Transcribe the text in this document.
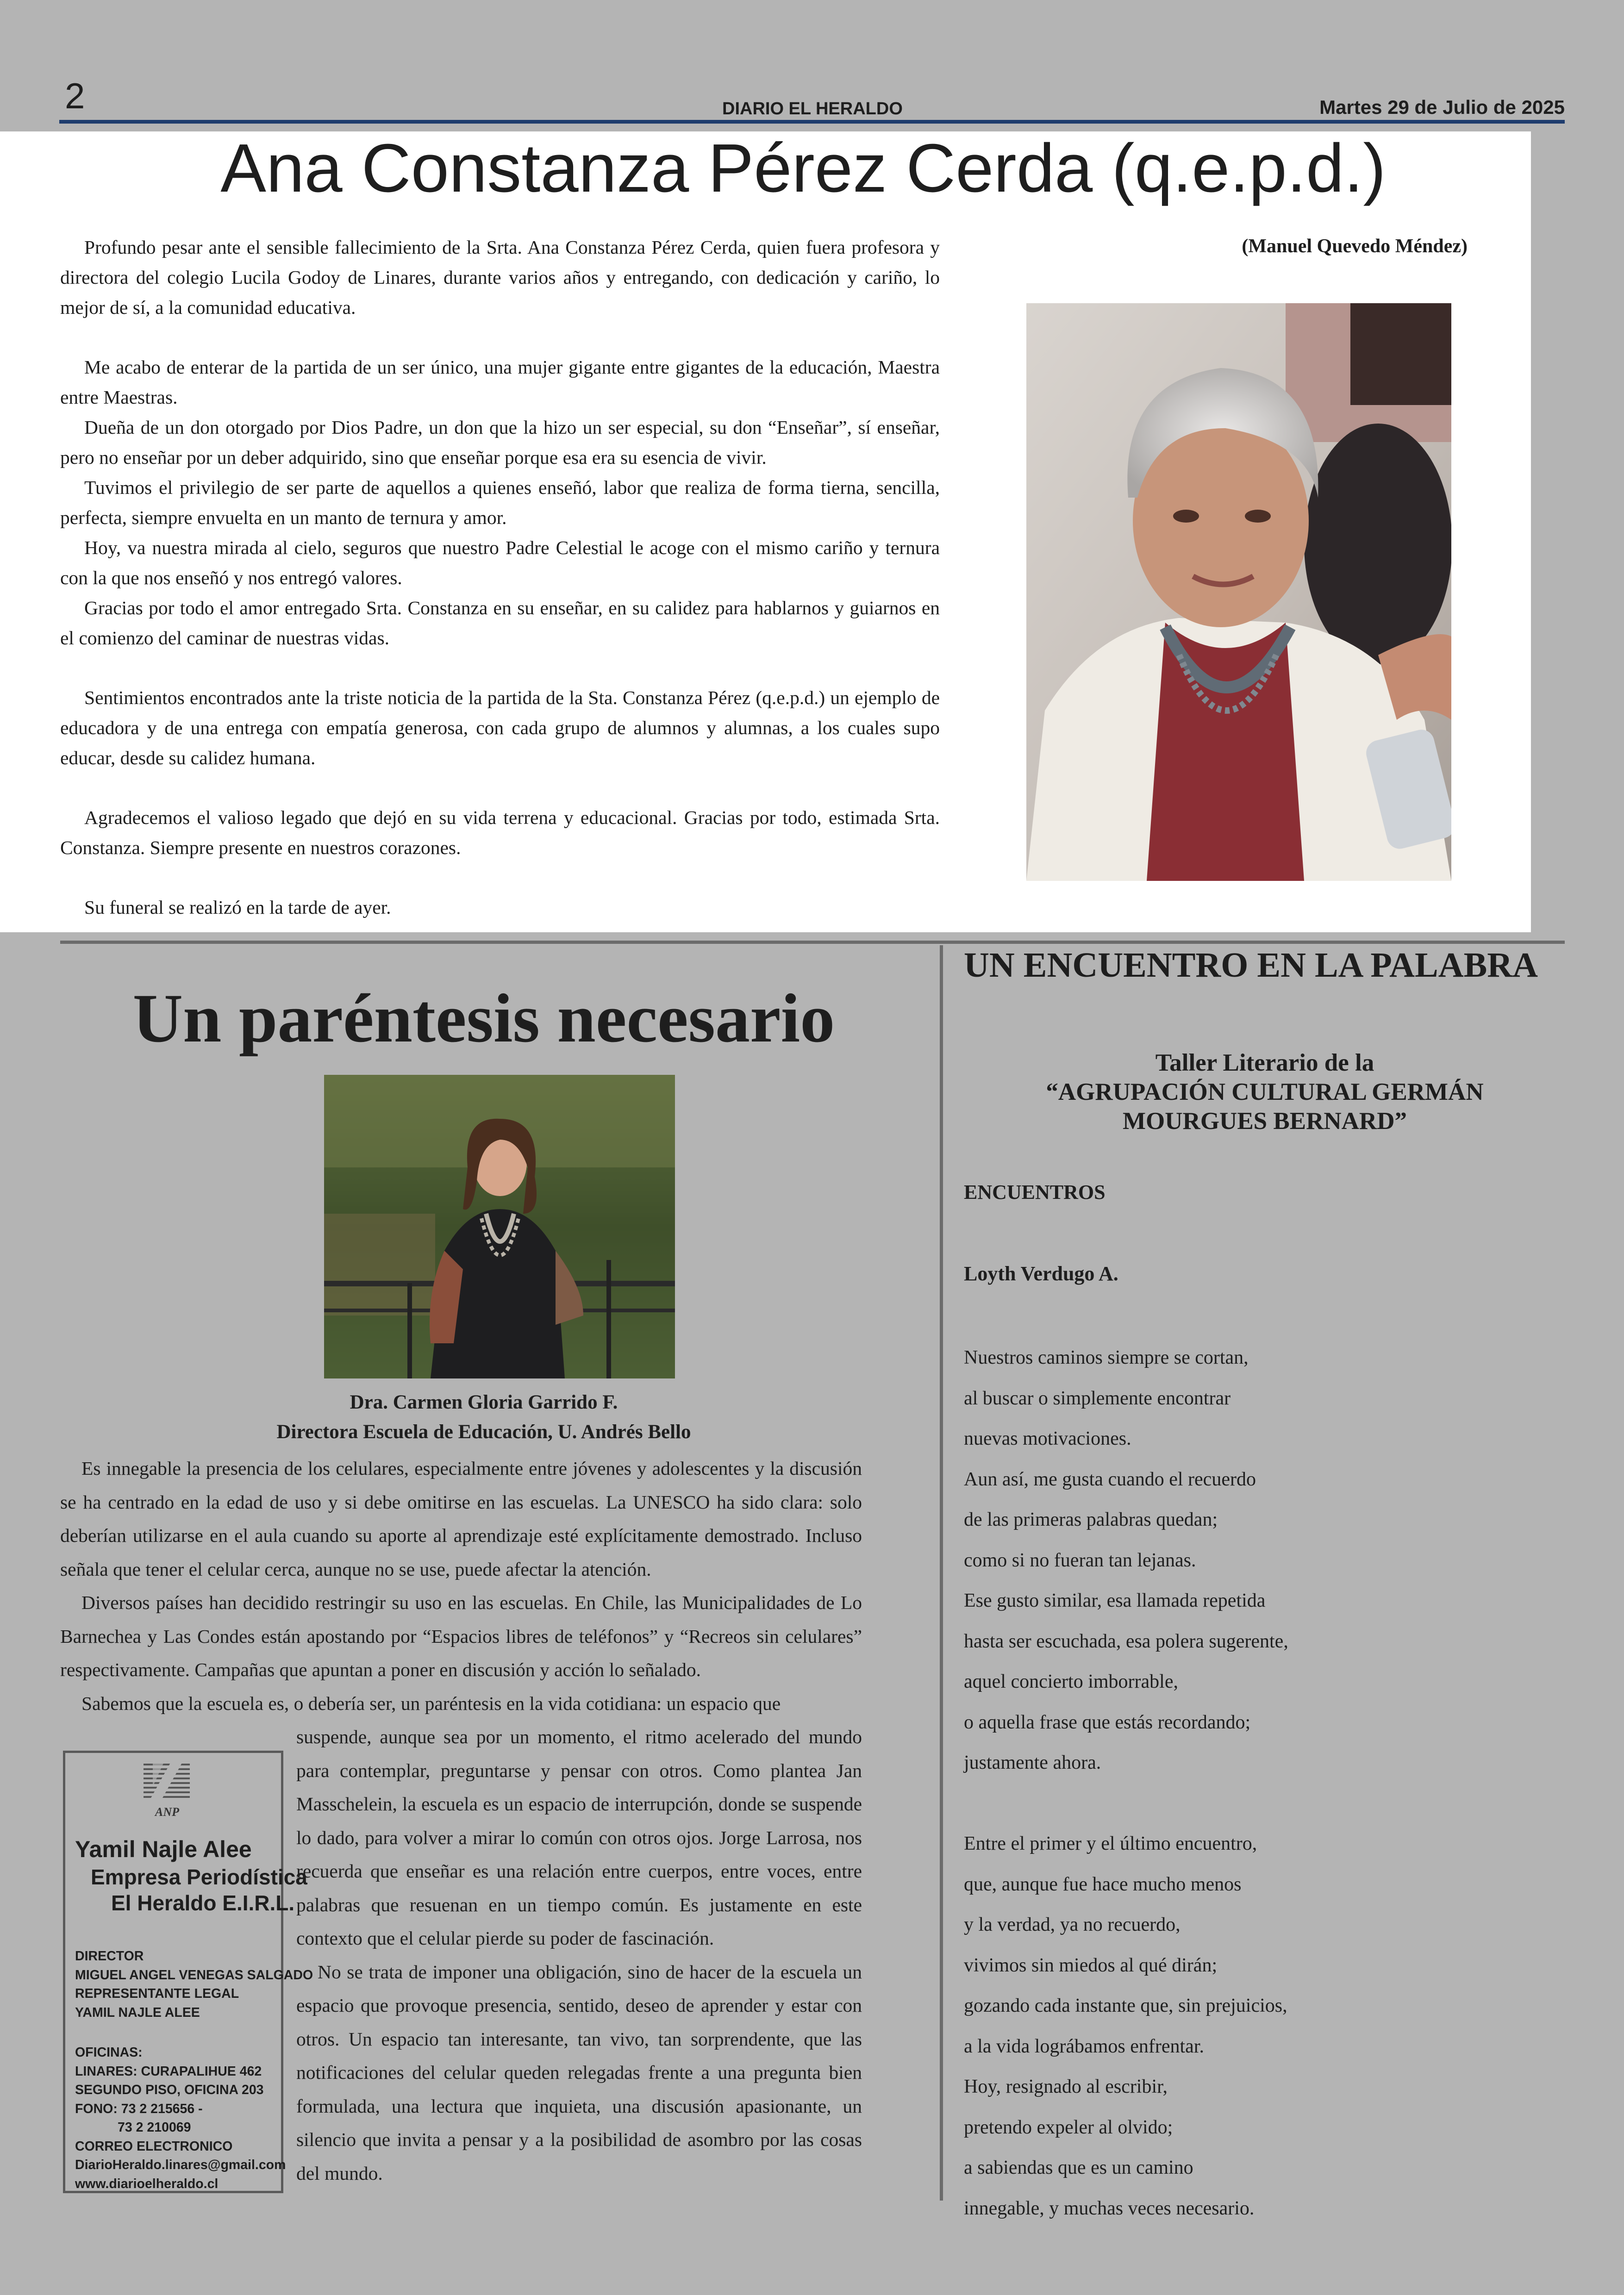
2	DIARIO EL HERALDO	Martes 29 de Julio de 2025
Ana Constanza Pérez Cerda (q.e.p.d.)
(Manuel Quevedo Méndez)

Profundo pesar ante el sensible fallecimiento de la Srta. Ana Constanza Pérez Cerda, quien fuera profesora y directora del colegio Lucila Godoy de Linares, durante varios años y entregando, con dedicación y cariño, lo mejor de sí, a la comunidad educativa.

Me acabo de enterar de la partida de un ser único, una mujer gigante entre gigantes de la educación, Maestra entre Maestras.

Dueña de un don otorgado por Dios Padre, un don que la hizo un ser especial, su don “Enseñar”, sí enseñar, pero no enseñar por un deber adquirido, sino que enseñar porque esa era su esencia de vivir.

Tuvimos el privilegio de ser parte de aquellos a quienes enseñó, labor que realiza de forma tierna, sencilla, perfecta, siempre envuelta en un manto de ternura y amor.

Hoy, va nuestra mirada al cielo, seguros que nuestro Padre Celestial le acoge con el mismo cariño y ternura con la que nos enseñó y nos entregó valores.

Gracias por todo el amor entregado Srta. Constanza en su enseñar, en su calidez para hablarnos y guiarnos en el comienzo del caminar de nuestras vidas.

Sentimientos encontrados ante la triste noticia de la partida de la Sta. Constanza Pérez (q.e.p.d.) un ejemplo de educadora y de una entrega con empatía generosa, con cada grupo de alumnos y alumnas, a los cuales supo educar, desde su calidez humana.

Agradecemos el valioso legado que dejó en su vida terrena y educacional. Gracias por todo, estimada Srta. Constanza. Siempre presente en nuestros corazones.

Su funeral se realizó en la tarde de ayer.

Un paréntesis necesario
Dra. Carmen Gloria Garrido F.
Directora Escuela de Educación, U. Andrés Bello

Es innegable la presencia de los celulares, especialmente entre jóvenes y adolescentes y la discusión se ha centrado en la edad de uso y si debe omitirse en las escuelas. La UNESCO ha sido clara: solo deberían utilizarse en el aula cuando su aporte al aprendizaje esté explícitamente demostrado. Incluso señala que tener el celular cerca, aunque no se use, puede afectar la atención.

Diversos países han decidido restringir su uso en las escuelas. En Chile, las Municipalidades de Lo Barnechea y Las Condes están apostando por “Espacios libres de teléfonos” y “Recreos sin celulares” respectivamente. Campañas que apuntan a poner en discusión y acción lo señalado.

Sabemos que la escuela es, o debería ser, un paréntesis en la vida cotidiana: un espacio que

suspende, aunque sea por un momento, el ritmo acelerado del mundo para contemplar, preguntarse y pensar con otros. Como plantea Jan Masschelein, la escuela es un espacio de interrupción, donde se suspende lo dado, para volver a mirar lo común con otros ojos. Jorge Larrosa, nos recuerda que enseñar es una relación entre cuerpos, entre voces, entre palabras que resuenan en un tiempo común. Es justamente en este contexto que el celular pierde su poder de fascinación.

No se trata de imponer una obligación, sino de hacer de la escuela un espacio que provoque presencia, sentido, deseo de aprender y estar con otros. Un espacio tan interesante, tan vivo, tan sorprendente, que las notificaciones del celular queden relegadas frente a una pregunta bien formulada, una lectura que inquieta, una discusión apasionante, un silencio que invita a pensar y a la posibilidad de asombro por las cosas del mundo.

ANP
Yamil Najle Alee
Empresa Periodística
El Heraldo E.I.R.L.
DIRECTOR
MIGUEL ANGEL VENEGAS SALGADO
REPRESENTANTE LEGAL
YAMIL NAJLE ALEE
OFICINAS:
LINARES: CURAPALIHUE 462
SEGUNDO PISO, OFICINA 203
FONO: 73 2 215656 -
73 2 210069
CORREO ELECTRONICO
DiarioHeraldo.linares@gmail.com
www.diarioelheraldo.cl
UN ENCUENTRO EN LA PALABRA
Taller Literario de la
“AGRUPACIÓN CULTURAL GERMÁN
MOURGUES BERNARD”
ENCUENTROS
Loyth Verdugo A.
Nuestros caminos siempre se cortan,
al buscar o simplemente encontrar
nuevas motivaciones.
Aun así, me gusta cuando el recuerdo
de las primeras palabras quedan;
como si no fueran tan lejanas.
Ese gusto similar, esa llamada repetida
hasta ser escuchada, esa polera sugerente,
aquel concierto imborrable,
o aquella frase que estás recordando;
justamente ahora.
Entre el primer y el último encuentro,
que, aunque fue hace mucho menos
y la verdad, ya no recuerdo,
vivimos sin miedos al qué dirán;
gozando cada instante que, sin prejuicios,
a la vida lográbamos enfrentar.
Hoy, resignado al escribir,
pretendo expeler al olvido;
a sabiendas que es un camino
innegable, y muchas veces necesario.
